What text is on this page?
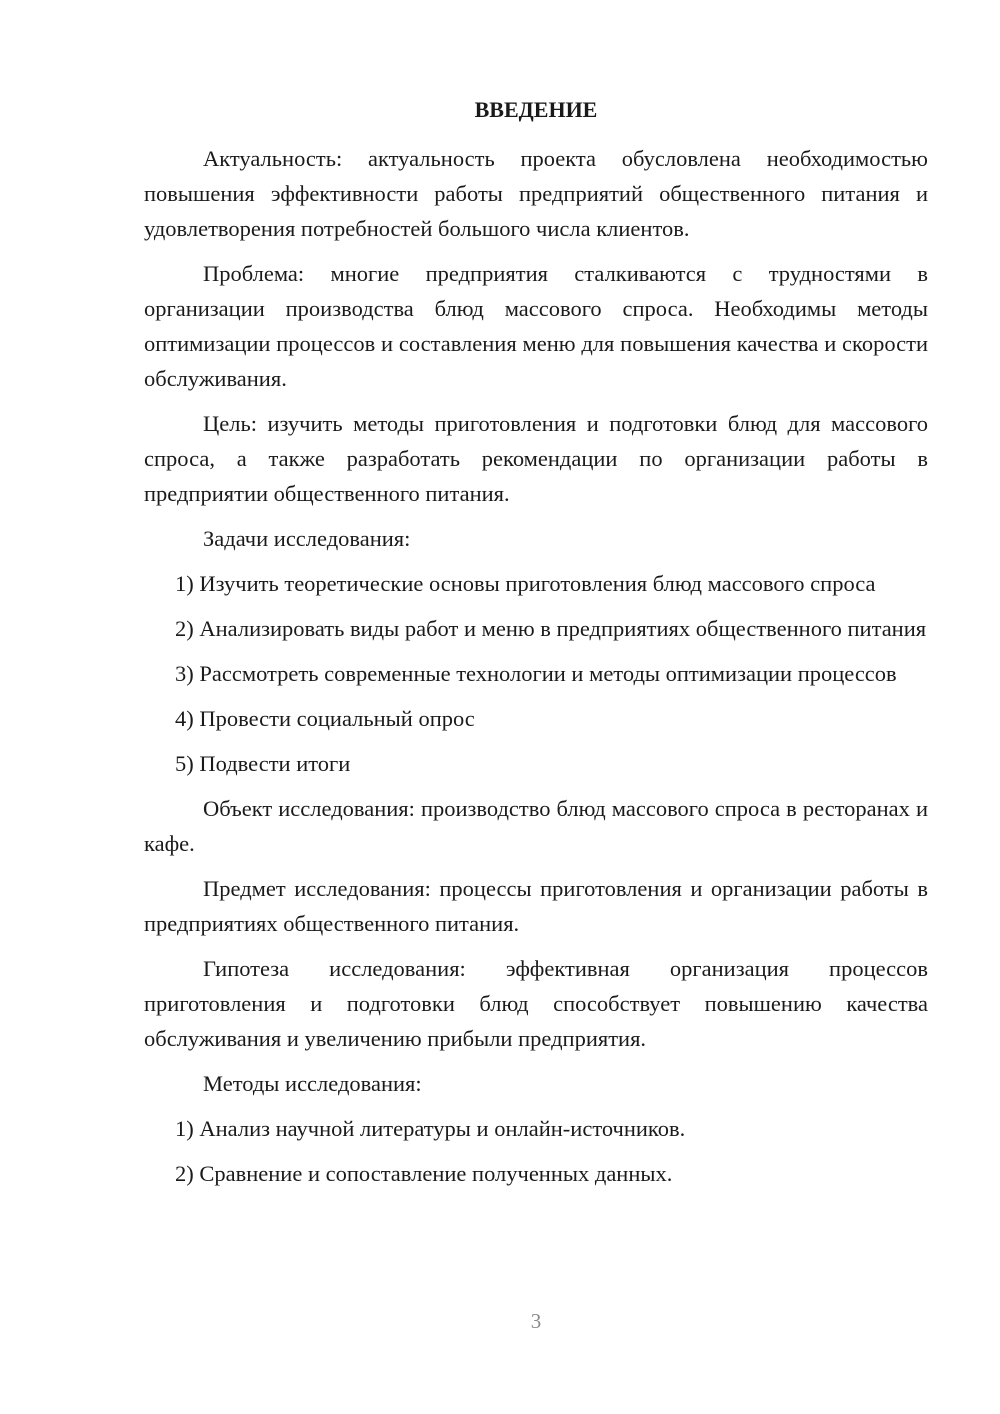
ВВЕДЕНИЕ

Актуальность: актуальность проекта обусловлена необходимостью повышения эффективности работы предприятий общественного питания и удовлетворения потребностей большого числа клиентов.

Проблема: многие предприятия сталкиваются с трудностями в организации производства блюд массового спроса. Необходимы методы оптимизации процессов и составления меню для повышения качества и скорости обслуживания.

Цель: изучить методы приготовления и подготовки блюд для массового спроса, а также разработать рекомендации по организации работы в предприятии общественного питания.

Задачи исследования:

1) Изучить теоретические основы приготовления блюд массового спроса

2) Анализировать виды работ и меню в предприятиях общественного питания

3) Рассмотреть современные технологии и методы оптимизации процессов

4) Провести социальный опрос

5) Подвести итоги

Объект исследования: производство блюд массового спроса в ресторанах и кафе.

Предмет исследования: процессы приготовления и организации работы в предприятиях общественного питания.

Гипотеза исследования: эффективная организация процессов приготовления и подготовки блюд способствует повышению качества обслуживания и увеличению прибыли предприятия.

Методы исследования:

1) Анализ научной литературы и онлайн-источников.

2) Сравнение и сопоставление полученных данных.

3
